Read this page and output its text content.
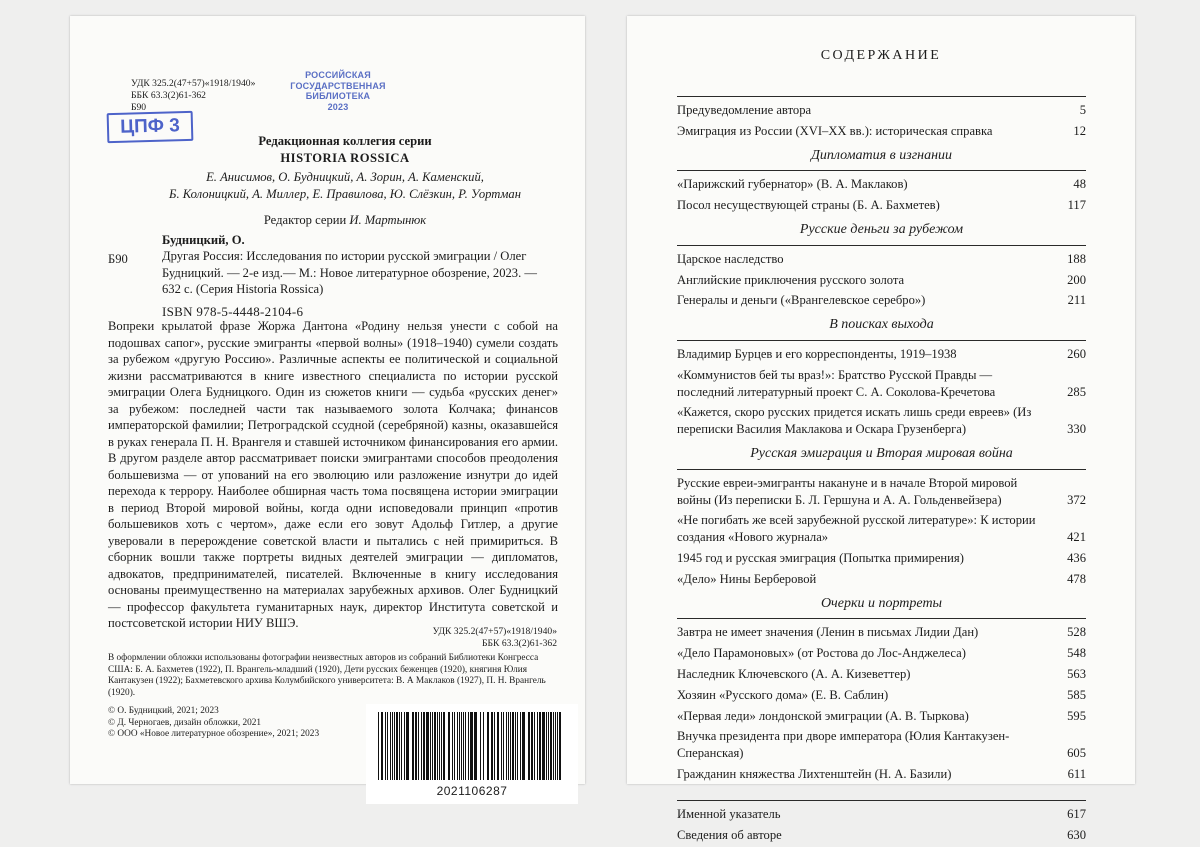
УДК 325.2(47+57)«1918/1940»
ББК 63.3(2)61-362
Б90
РОССИЙСКАЯ
ГОСУДАРСТВЕННАЯ
БИБЛИОТЕКА
2023
ЦПФ 3
Редакционная коллегия серии
HISTORIA ROSSICA
Е. Анисимов, О. Будницкий, А. Зорин, А. Каменский,
Б. Колоницкий, А. Миллер, Е. Правилова, Ю. Слёзкин, Р. Уортман
Редактор серии И. Мартынюк
Б90
Будницкий, О.
Другая Россия: Исследования по истории русской эмиграции / Олег Будницкий. — 2-е изд.— М.: Новое литературное обозрение, 2023. — 632 с. (Серия Historia Rossica)
ISBN 978-5-4448-2104-6
Вопреки крылатой фразе Жоржа Дантона «Родину нельзя унести с собой на подошвах сапог», русские эмигранты «первой волны» (1918–1940) сумели создать за рубежом «другую Россию». Различные аспекты ее политической и социальной жизни рассматриваются в книге известного специалиста по истории русской эмиграции Олега Будницкого. Один из сюжетов книги — судьба «русских денег» за рубежом: последней части так называемого золота Колчака; финансов императорской фамилии; Петроградской ссудной (серебряной) казны, оказавшейся в руках генерала П. Н. Врангеля и ставшей источником финансирования его армии. В другом разделе автор рассматривает поиски эмигрантами способов преодоления большевизма — от упований на его эволюцию или разложение изнутри до идей перехода к террору. Наиболее обширная часть тома посвящена истории эмиграции в период Второй мировой войны, когда одни исповедовали принцип «против большевиков хоть с чертом», даже если его зовут Адольф Гитлер, а другие уверовали в перерождение советской власти и пытались с ней примириться. В сборник вошли также портреты видных деятелей эмиграции — дипломатов, адвокатов, предпринимателей, писателей. Включенные в книгу исследования основаны преимущественно на материалах зарубежных архивов. Олег Будницкий — профессор факультета гуманитарных наук, директор Института советской и постсоветской истории НИУ ВШЭ.
УДК 325.2(47+57)«1918/1940»
ББК 63.3(2)61-362
В оформлении обложки использованы фотографии неизвестных авторов из собраний Библиотеки Конгресса США: Б. А. Бахметев (1922), П. Врангель-младший (1920), Дети русских беженцев (1920), княгиня Юлия Кантакузен (1922); Бахметевского архива Колумбийского университета: В. А Маклаков (1927), П. Н. Врангель (1920).
© О. Будницкий, 2021; 2023
© Д. Черногаев, дизайн обложки, 2021
© ООО «Новое литературное обозрение», 2021; 2023
2021106287
СОДЕРЖАНИЕ
Предуведомление автора	5
Эмиграция из России (XVI–XX вв.): историческая справка	12
Дипломатия в изгнании
«Парижский губернатор» (В. А. Маклаков)	48
Посол несуществующей страны (Б. А. Бахметев)	117
Русские деньги за рубежом
Царское наследство	188
Английские приключения русского золота	200
Генералы и деньги («Врангелевское серебро»)	211
В поисках выхода
Владимир Бурцев и его корреспонденты, 1919–1938	260
«Коммунистов бей ты враз!»: Братство Русской Правды — последний литературный проект С. А. Соколова-Кречетова	285
«Кажется, скоро русских придется искать лишь среди евреев» (Из переписки Василия Маклакова и Оскара Грузенберга)	330
Русская эмиграция и Вторая мировая война
Русские евреи-эмигранты накануне и в начале Второй мировой войны (Из переписки Б. Л. Гершуна и А. А. Гольденвейзера)	372
«Не погибать же всей зарубежной русской литературе»: К истории создания «Нового журнала»	421
1945 год и русская эмиграция (Попытка примирения)	436
«Дело» Нины Берберовой	478
Очерки и портреты
Завтра не имеет значения (Ленин в письмах Лидии Дан)	528
«Дело Парамоновых» (от Ростова до Лос-Анджелеса)	548
Наследник Ключевского (А. А. Кизеветтер)	563
Хозяин «Русского дома» (Е. В. Саблин)	585
«Первая леди» лондонской эмиграции (А. В. Тыркова)	595
Внучка президента при дворе императора (Юлия Кантакузен-Сперанская)	605
Гражданин княжества Лихтенштейн (Н. А. Базили)	611
Именной указатель	617
Сведения об авторе	630
